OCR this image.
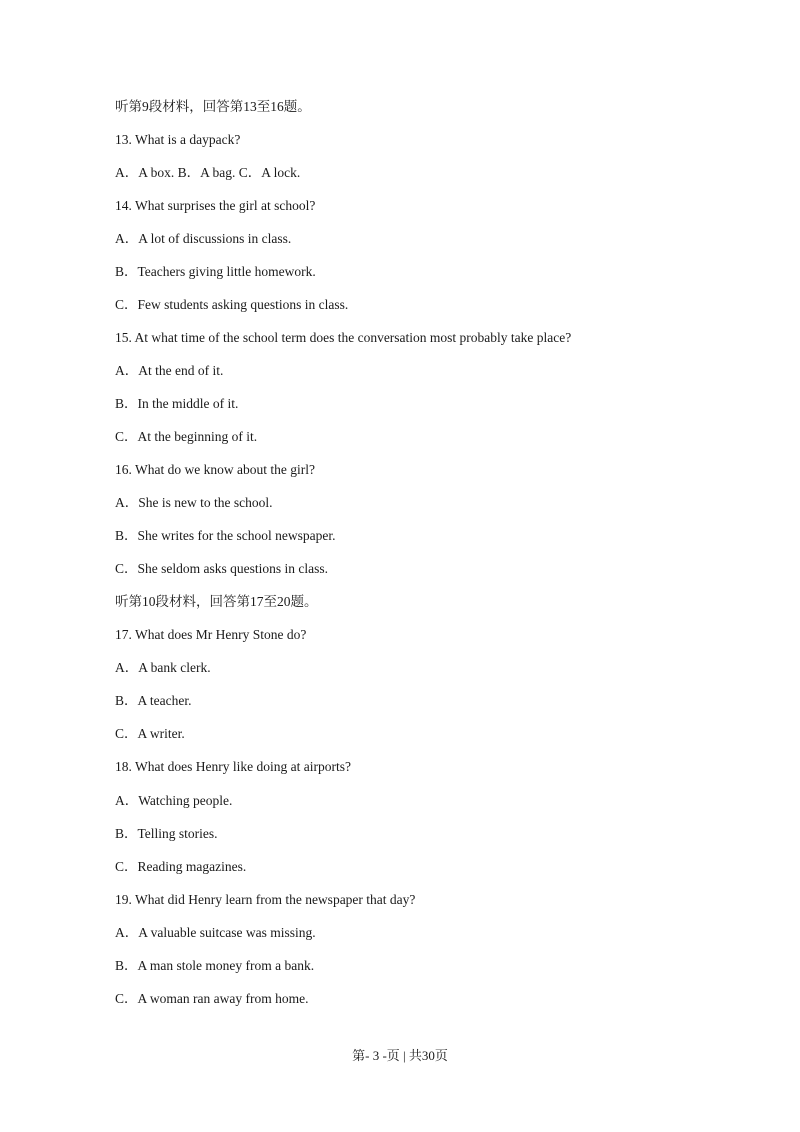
听第9段材料，回答第13至16题。
13. What is a daypack?
A．A box. B．A bag. C．A lock.
14. What surprises the girl at school?
A．A lot of discussions in class.
B．Teachers giving little homework.
C．Few students asking questions in class.
15. At what time of the school term does the conversation most probably take place?
A．At the end of it.
B．In the middle of it.
C．At the beginning of it.
16. What do we know about the girl?
A．She is new to the school.
B．She writes for the school newspaper.
C．She seldom asks questions in class.
听第10段材料，回答第17至20题。
17. What does Mr Henry Stone do?
A．A bank clerk.
B．A teacher.
C．A writer.
18. What does Henry like doing at airports?
A．Watching people.
B．Telling stories.
C．Reading magazines.
19. What did Henry learn from the newspaper that day?
A．A valuable suitcase was missing.
B．A man stole money from a bank.
C．A woman ran away from home.
第- 3 -页 | 共30页
